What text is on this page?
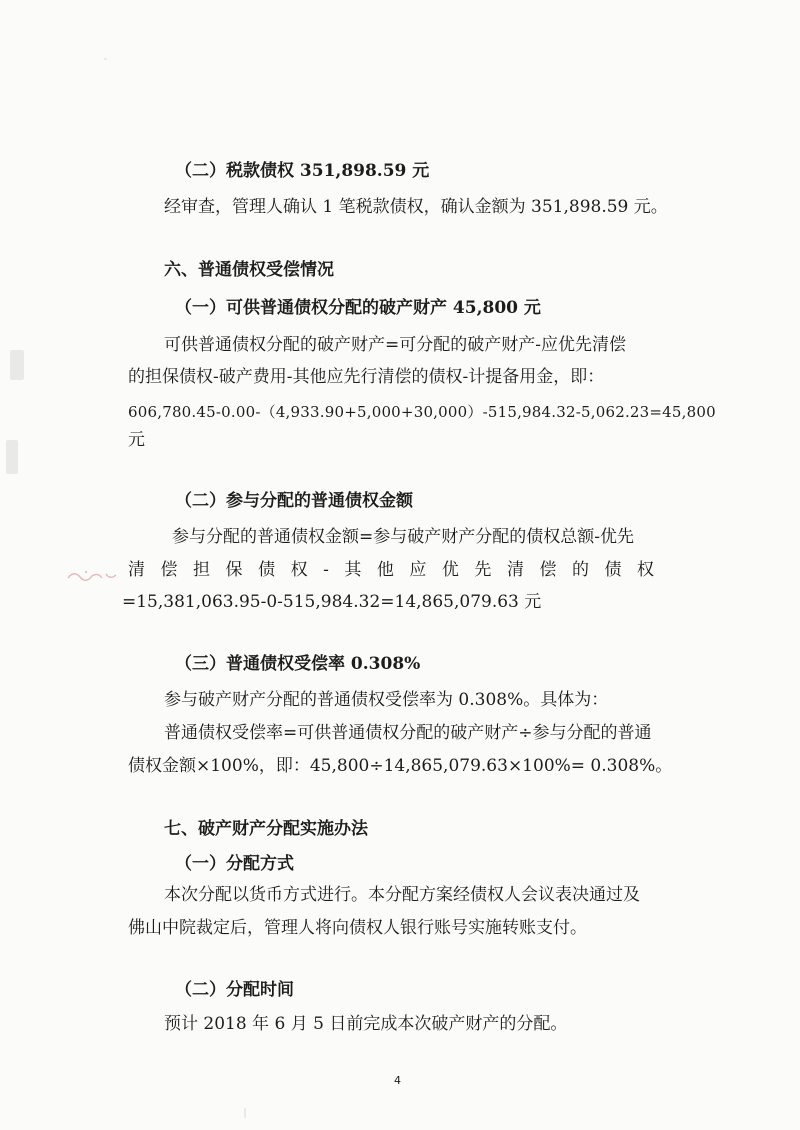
（二）税款债权 351,898.59 元
经审查，管理人确认 1 笔税款债权，确认金额为 351,898.59 元。
六、普通债权受偿情况
（一）可供普通债权分配的破产财产 45,800 元
可供普通债权分配的破产财产=可分配的破产财产-应优先清偿
的担保债权-破产费用-其他应先行清偿的债权-计提备用金，即：
606,780.45-0.00-（4,933.90+5,000+30,000）-515,984.32-5,062.23=45,800
元
（二）参与分配的普通债权金额
参与分配的普通债权金额=参与破产财产分配的债权总额-优先
清 偿 担 保 债 权 - 其 他 应 优 先 清 偿 的 债 权
=15,381,063.95-0-515,984.32=14,865,079.63 元
（三）普通债权受偿率 0.308%
参与破产财产分配的普通债权受偿率为 0.308%。具体为：
普通债权受偿率=可供普通债权分配的破产财产÷参与分配的普通
债权金额×100%，即：45,800÷14,865,079.63×100%= 0.308%。
七、破产财产分配实施办法
（一）分配方式
本次分配以货币方式进行。本分配方案经债权人会议表决通过及
佛山中院裁定后，管理人将向债权人银行账号实施转账支付。
（二）分配时间
预计 2018 年 6 月 5 日前完成本次破产财产的分配。
4
